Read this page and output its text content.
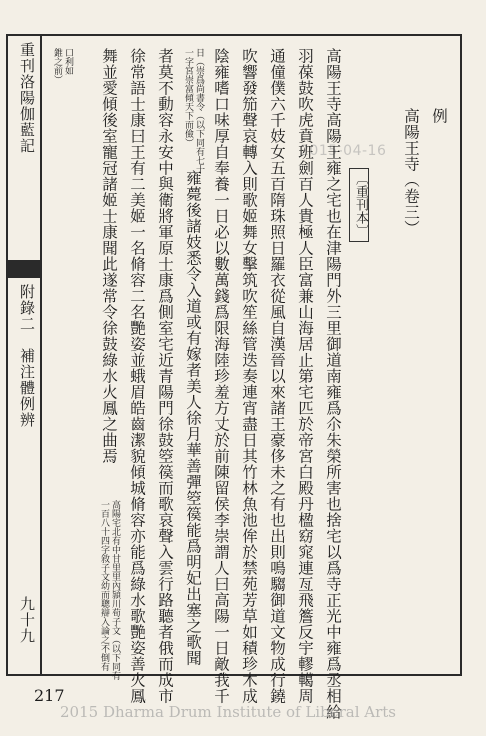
2015-04-16
重刊洛陽伽藍記
附錄二　補注體例辨
九十九
例
高陽王寺（卷三）
〔重刊本〕
高陽王寺高陽王雍之宅也在津陽門外三里御道南雍爲尒朱榮所害也捨宅以爲寺正光中雍爲丞相給
羽葆鼓吹虎賁班劍百人貴極人臣富兼山海居止第宅匹於帝宮白殿丹楹窈窕連亙飛簷反宇轇轕周
通僮僕六千妓女五百隋珠照日羅衣從風自漢晉以來諸王豪侈未之有也出則鳴騶御道文物成行鐃
吹響發笳聲哀轉入則歌姬舞女擊筑吹笙絲管迭奏連宵盡日其竹林魚池侔於禁苑芳草如積珍木成
陰雍嗜口味厚自奉養一日必以數萬錢爲限海陸珍羞方丈於前陳留侯李崇謂人曰高陽一日敵我千
日（崇爲尚書令（以下同有七十
一字宮崇富傾天下而儉）
雍薨後諸妓悉令入道或有嫁者美人徐月華善彈箜篌能爲明妃出塞之歌聞
者莫不動容永安中與衛將軍原士康爲側室宅近青陽門徐鼓箜篌而歌哀聲入雲行路聽者俄而成市
徐常語士康曰王有二美姬一名脩容二名艷姿並蛾眉皓齒潔貌傾城脩容亦能爲綠水歌艷姿善火鳳
舞並愛傾後室寵冠諸姬士康聞此遂常令徐鼓綠水火鳳之曲焉
高陽宅北有中甘里里內頴川荀子文（以下同有
一百八十四字敘子文幼而聰辯入論之不倒有
口利如
錐之前）
217
2015 Dharma Drum Institute of Liberal Arts
